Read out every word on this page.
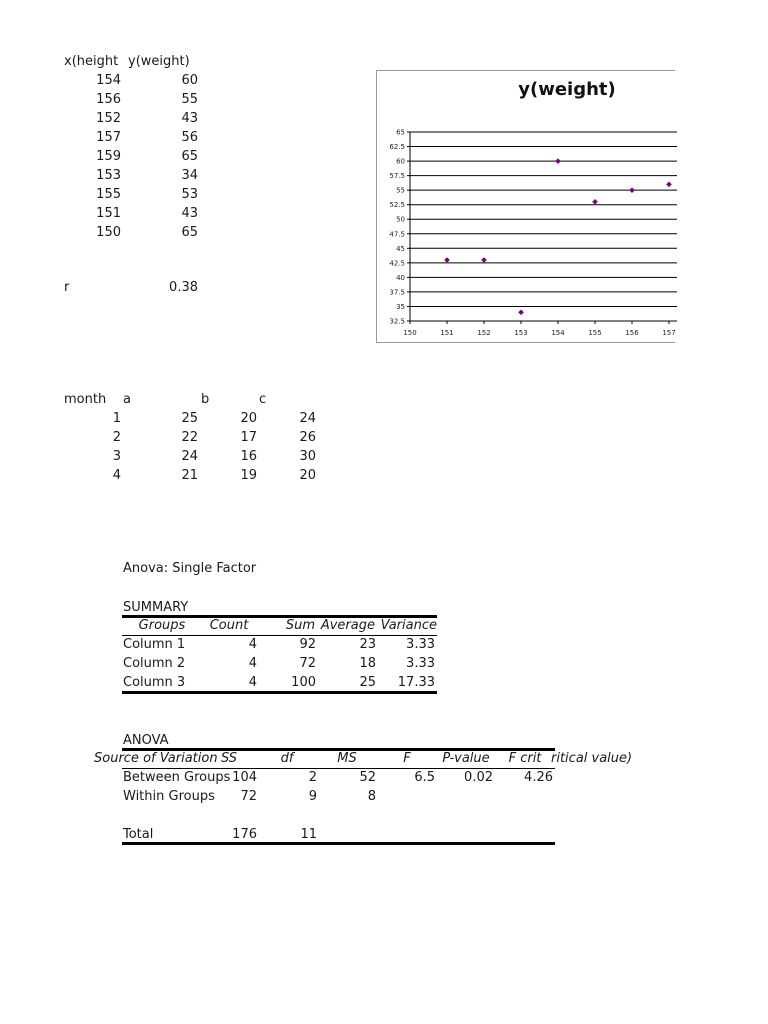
x(height y(weight)
154	60
156	55
152	43
157	56
159	65
153	34
155	53
151	43
150	65
r	0.38
y(weight)
65
62.5
60
57.5
55
52.5
50
47.5
45
42.5
40
37.5
35
32.5
150	151	152	153	154	155	156	157
month a	b	c
1	25	20	24
2	22	17	26
3	24	16	30
4	21	19	20
Anova: Single Factor
SUMMARY
Groups	Count	Sum Average Variance
Column 1	4	92	23	3.33
Column 2	4	72	18	3.33
Column 3	4	100	25	17.33
ANOVA
Source of Variation SS	df	MS	F	P-value	F crit ritical value)
Between Groups 104	2	52	6.5	0.02	4.26
Within Groups	72	9	8
Total	176	11
